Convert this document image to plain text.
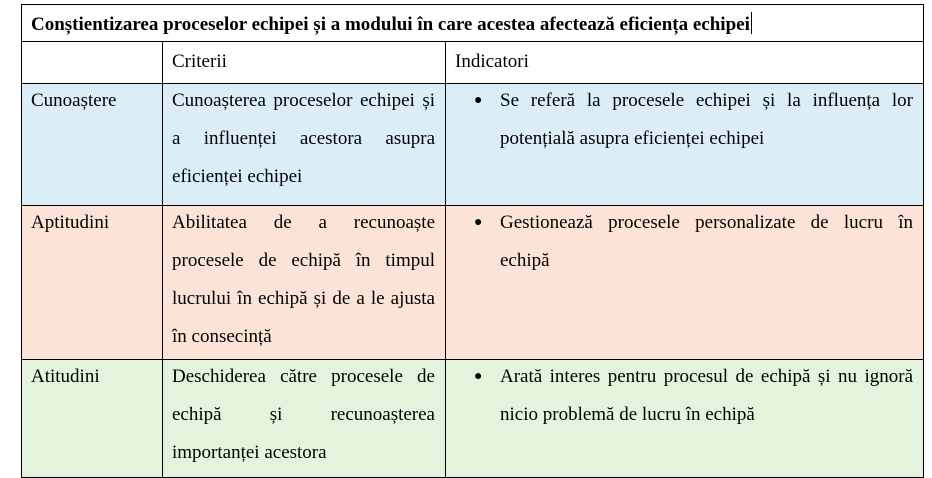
Conștientizarea proceselor echipei și a modului în care acestea afectează eficiența echipei		
	Criterii	Indicatori

Cunoaștere	Cunoașterea proceselor echipei și a influenței acestora asupra eficienței echipei	● Se referă la procesele echipei și la influența lor potențială asupra eficienței echipei

Aptitudini	Abilitatea de a recunoaște procesele de echipă în timpul lucrului în echipă și de a le ajusta în consecință	● Gestionează procesele personalizate de lucru în echipă

Atitudini	Deschiderea către procesele de echipă și recunoașterea importanței acestora	● Arată interes pentru procesul de echipă și nu ignoră nicio problemă de lucru în echipă
